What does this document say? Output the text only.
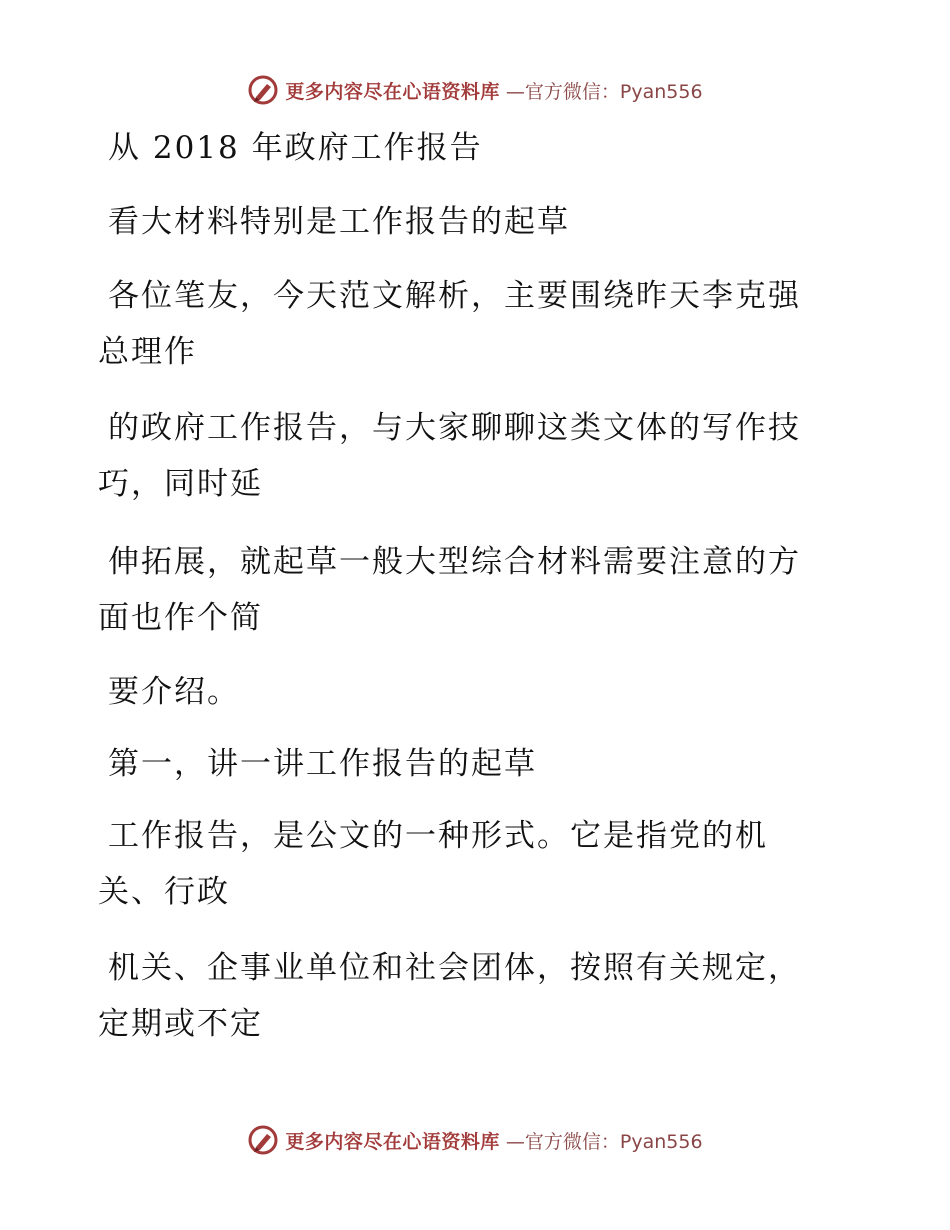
更多内容尽在心语资料库 —官方微信：Pyan556

从 2018 年政府工作报告

看大材料特别是工作报告的起草

各位笔友，今天范文解析，主要围绕昨天李克强
总理作

的政府工作报告，与大家聊聊这类文体的写作技
巧，同时延

伸拓展，就起草一般大型综合材料需要注意的方
面也作个简

要介绍。

第一，讲一讲工作报告的起草

工作报告，是公文的一种形式。它是指党的机
关、行政

机关、企事业单位和社会团体，按照有关规定，
定期或不定

更多内容尽在心语资料库 —官方微信：Pyan556
